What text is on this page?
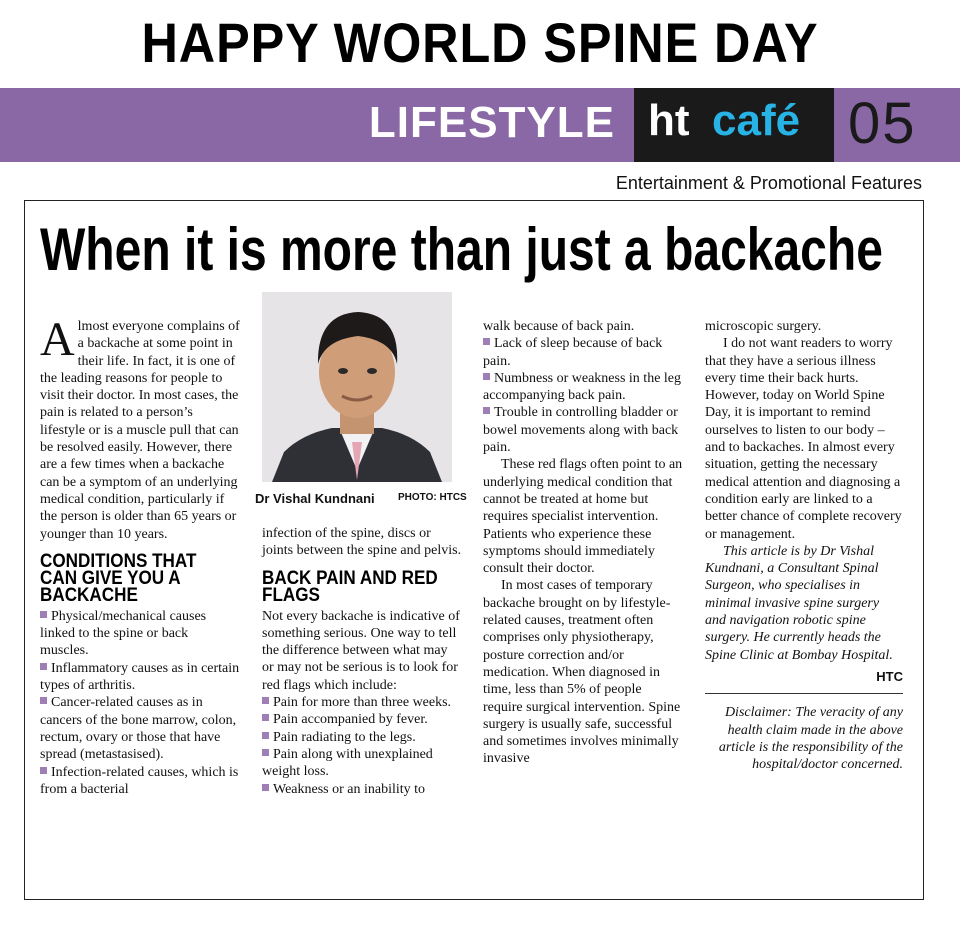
HAPPY WORLD SPINE DAY
LIFESTYLE ht café 05
Entertainment & Promotional Features
When it is more than just a backache

Almost everyone complains of a backache at some point in their life. In fact, it is one of the leading reasons for people to visit their doctor. In most cases, the pain is related to a person’s lifestyle or is a muscle pull that can be resolved easily. However, there are a few times when a backache can be a symptom of an underlying medical condition, particularly if the person is older than 65 years or younger than 10 years.

CONDITIONS THAT CAN GIVE YOU A BACKACHE

Physical/mechanical causes linked to the spine or back muscles.

Inflammatory causes as in certain types of arthritis.

Cancer-related causes as in cancers of the bone marrow, colon, rectum, ovary or those that have spread (metastasised).

Infection-related causes, which is from a bacterial

Dr Vishal Kundnani PHOTO: HTCS

infection of the spine, discs or joints between the spine and pelvis.

BACK PAIN AND RED FLAGS

Not every backache is indicative of something serious. One way to tell the difference between what may or may not be serious is to look for red flags which include:

Pain for more than three weeks.

Pain accompanied by fever.

Pain radiating to the legs.

Pain along with unexplained weight loss.

Weakness or an inability to

walk because of back pain.

Lack of sleep because of back pain.

Numbness or weakness in the leg accompanying back pain.

Trouble in controlling bladder or bowel movements along with back pain.

These red flags often point to an underlying medical condition that cannot be treated at home but requires specialist intervention. Patients who experience these symptoms should immediately consult their doctor.

In most cases of temporary backache brought on by lifestyle-related causes, treatment often comprises only physiotherapy, posture correction and/or medication. When diagnosed in time, less than 5% of people require surgical intervention. Spine surgery is usually safe, successful and sometimes involves minimally invasive

microscopic surgery.

I do not want readers to worry that they have a serious illness every time their back hurts. However, today on World Spine Day, it is important to remind ourselves to listen to our body – and to backaches. In almost every situation, getting the necessary medical attention and diagnosing a condition early are linked to a better chance of complete recovery or management.

This article is by Dr Vishal Kundnani, a Consultant Spinal Surgeon, who specialises in minimal invasive spine surgery and navigation robotic spine surgery. He currently heads the Spine Clinic at Bombay Hospital.

HTC

Disclaimer: The veracity of any health claim made in the above article is the responsibility of the hospital/doctor concerned.
